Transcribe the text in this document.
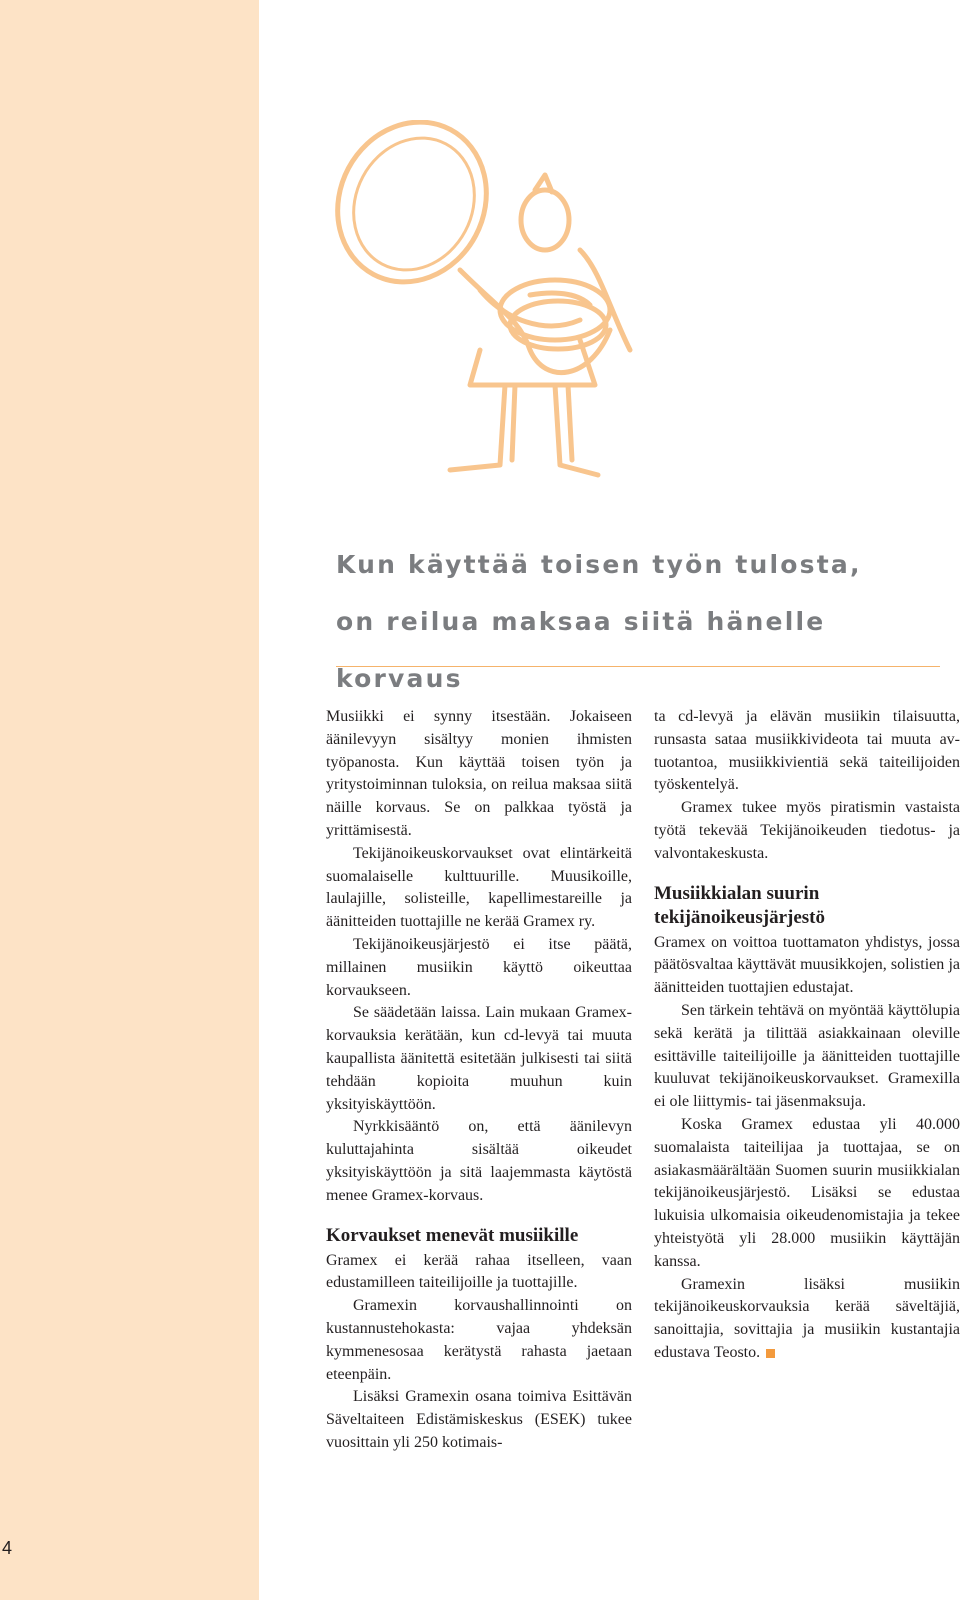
4
Kun käyttää toisen työn tulosta,
on reilua maksaa siitä hänelle korvaus

Musiikki ei synny itsestään. Jokaiseen äänilevyyn sisältyy monien ihmisten työpanosta. Kun käyttää toisen työn ja yritystoiminnan tuloksia, on reilua maksaa siitä näille korvaus. Se on palkkaa työstä ja yrittämisestä.

Tekijänoikeuskorvaukset ovat elintärkeitä suomalaiselle kulttuurille. Muusikoille, laulajille, solisteille, kapellimestareille ja äänitteiden tuottajille ne kerää Gramex ry.

Tekijänoikeusjärjestö ei itse päätä, millainen musiikin käyttö oikeuttaa korvaukseen.

Se säädetään laissa. Lain mukaan Gramex-korvauksia kerätään, kun cd-levyä tai muuta kaupallista äänitettä esitetään julkisesti tai siitä tehdään kopioita muuhun kuin yksityiskäyttöön.

Nyrkkisääntö on, että äänilevyn kuluttajahinta sisältää oikeudet yksityiskäyttöön ja sitä laajemmasta käytöstä menee Gramex-korvaus.

Korvaukset menevät musiikille

Gramex ei kerää rahaa itselleen, vaan edustamilleen taiteilijoille ja tuottajille.

Gramexin korvaushallinnointi on kustannustehokasta: vajaa yhdeksän kymmenesosaa kerätystä rahasta jaetaan eteenpäin.

Lisäksi Gramexin osana toimiva Esittävän Säveltaiteen Edistämiskeskus (ESEK) tukee vuosittain yli 250 kotimais-

ta cd-levyä ja elävän musiikin tilaisuutta, runsasta sataa musiikkivideota tai muuta av-tuotantoa, musiikkivientiä sekä taiteilijoiden työskentelyä.

Gramex tukee myös piratismin vastaista työtä tekevää Tekijänoikeuden tiedotus- ja valvontakeskusta.

Musiikkialan suurin tekijänoikeusjärjestö

Gramex on voittoa tuottamaton yhdistys, jossa päätösvaltaa käyttävät muusikkojen, solistien ja äänitteiden tuottajien edustajat.

Sen tärkein tehtävä on myöntää käyttölupia sekä kerätä ja tilittää asiakkainaan oleville esittäville taiteilijoille ja äänitteiden tuottajille kuuluvat tekijänoikeuskorvaukset. Gramexilla ei ole liittymis- tai jäsenmaksuja.

Koska Gramex edustaa yli 40.000 suomalaista taiteilijaa ja tuottajaa, se on asiakasmäärältään Suomen suurin musiikkialan tekijänoikeusjärjestö. Lisäksi se edustaa lukuisia ulkomaisia oikeudenomistajia ja tekee yhteistyötä yli 28.000 musiikin käyttäjän kanssa.

Gramexin lisäksi musiikin tekijänoikeuskorvauksia kerää säveltäjiä, sanoittajia, sovittajia ja musiikin kustantajia edustava Teosto.
